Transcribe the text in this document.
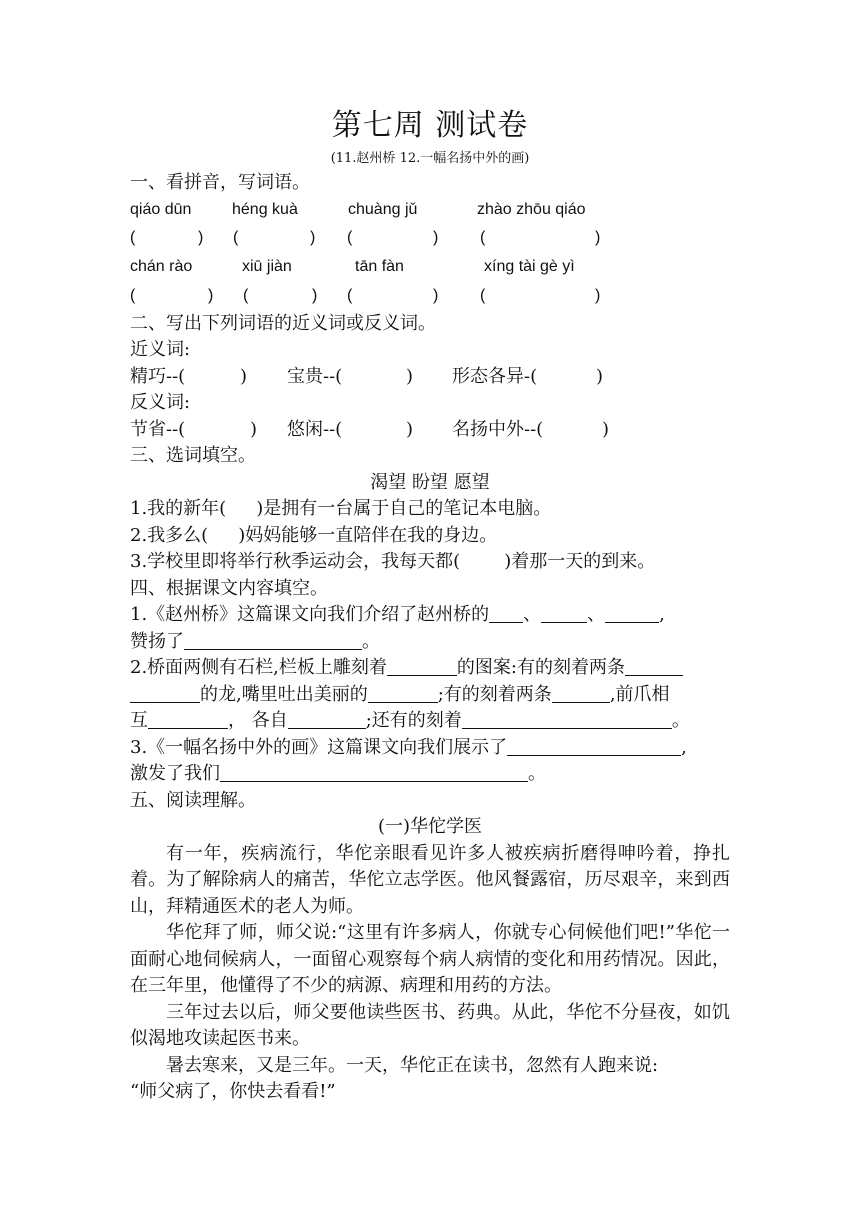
第七周 测试卷
(11.赵州桥 12.一幅名扬中外的画)
一、看拼音，写词语。
qiáo dūn	héng kuà	chuàng jǔ	zhào zhōu qiáo
(	) (	) (	)	(	)
chán rào	xiū jiàn	tān fàn	xíng tài gè yì
(	) (	) (	)	(	)
二、写出下列词语的近义词或反义词。
近义词:
精巧--(	) 宝贵--(	) 形态各异-(	)
反义词:
节省--(	) 悠闲--(	) 名扬中外--(	)
三、选词填空。
渴望 盼望 愿望
1.我的新年( )是拥有一台属于自己的笔记本电脑。
2.我多么( )妈妈能够一直陪伴在我的身边。
3.学校里即将举行秋季运动会，我每天都( )着那一天的到来。
四、根据课文内容填空。
1.《赵州桥》这篇课文向我们介绍了赵州桥的 、	、	,
赞扬了	。
2.桥面两侧有石栏,栏板上雕刻着	的图案:有的刻着两条
的龙,嘴里吐出美丽的	;有的刻着两条	,前爪相
互	， 各自	;还有的刻着	。
3.《一幅名扬中外的画》这篇课文向我们展示了	,
激发了我们	。
五、阅读理解。
(一)华佗学医
有一年，疾病流行，华佗亲眼看见许多人被疾病折磨得呻吟着，挣扎着。为了解除病人的痛苦，华佗立志学医。他风餐露宿，历尽艰辛，来到西山，拜精通医术的老人为师。
华佗拜了师，师父说:“这里有许多病人，你就专心伺候他们吧!”华佗一面耐心地伺候病人，一面留心观察每个病人病情的变化和用药情况。因此，在三年里，他懂得了不少的病源、病理和用药的方法。
三年过去以后，师父要他读些医书、药典。从此，华佗不分昼夜，如饥似渴地攻读起医书来。
暑去寒来，又是三年。一天，华佗正在读书，忽然有人跑来说:
“师父病了，你快去看看!”
